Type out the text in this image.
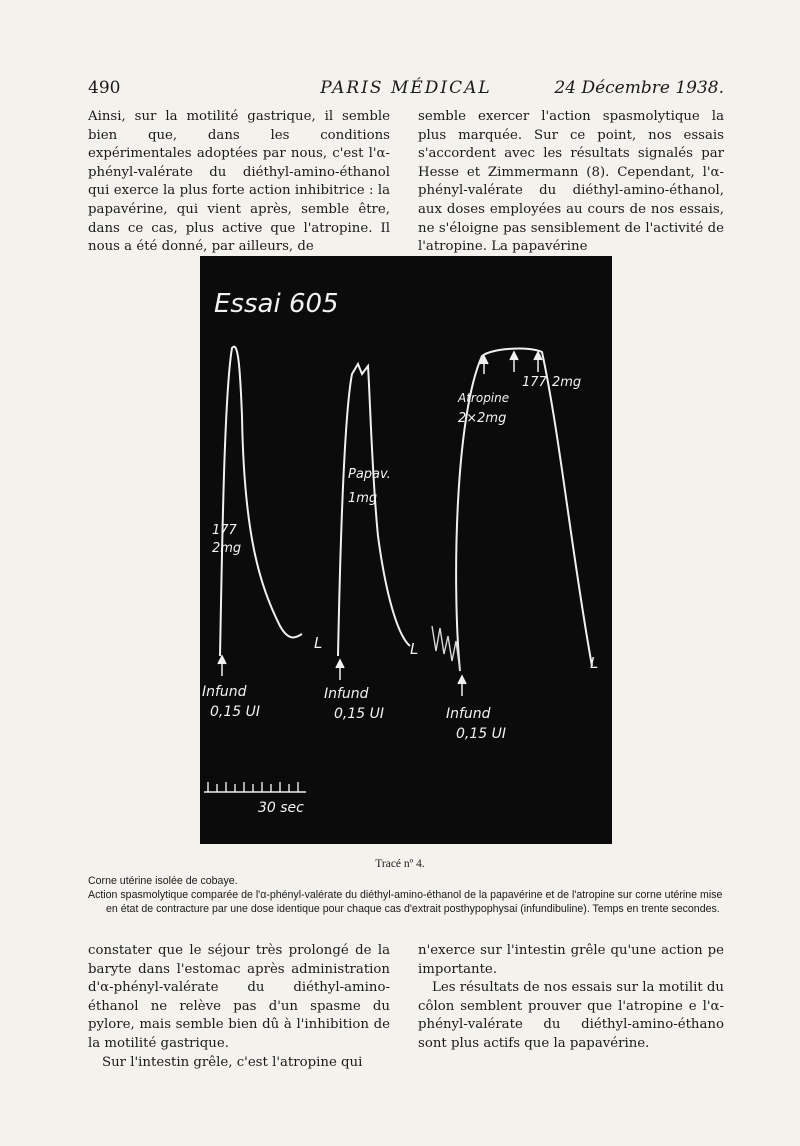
490	PARIS MÉDICAL	24 Décembre 1938.

Ainsi, sur la motilité gastrique, il semble bien que, dans les conditions expérimentales adoptées par nous, c'est l'α-phényl-valérate du diéthyl-amino-éthanol qui exerce la plus forte action inhibitrice : la papavérine, qui vient après, semble être, dans ce cas, plus active que l'atropine. Il nous a été donné, par ailleurs, de

semble exercer l'action spasmolytique la plus marquée. Sur ce point, nos essais s'accordent avec les résultats signalés par Hesse et Zimmermann (8). Cependant, l'α-phényl-valérate du diéthyl-amino-éthanol, aux doses employées au cours de nos essais, ne s'éloigne pas sensiblement de l'activité de l'atropine. La papavérine

Essai 605
L	L
L
177
2mg
Papav.
1mg
Atropine
2×2mg
177 2mg
Infund
0,15 UI
Infund
0,15 UI	Infund
0,15 UI
30 sec
Tracé nº 4.

Corne utérine isolée de cobaye.

Action spasmolytique comparée de l'α-phényl-valérate du diéthyl-amino-éthanol de la papavérine et de l'atropine sur corne utérine mise en état de contracture par une dose identique pour chaque cas d'extrait posthypophysai (infundibuline). Temps en trente secondes.

constater que le séjour très prolongé de la baryte dans l'estomac après administration d'α-phényl-valérate du diéthyl-amino-éthanol ne relève pas d'un spasme du pylore, mais semble bien dû à l'inhibition de la motilité gastrique.

Sur l'intestin grêle, c'est l'atropine qui

n'exerce sur l'intestin grêle qu'une action pe importante.

Les résultats de nos essais sur la motilit du côlon semblent prouver que l'atropine e l'α-phényl-valérate du diéthyl-amino-éthano sont plus actifs que la papavérine.
